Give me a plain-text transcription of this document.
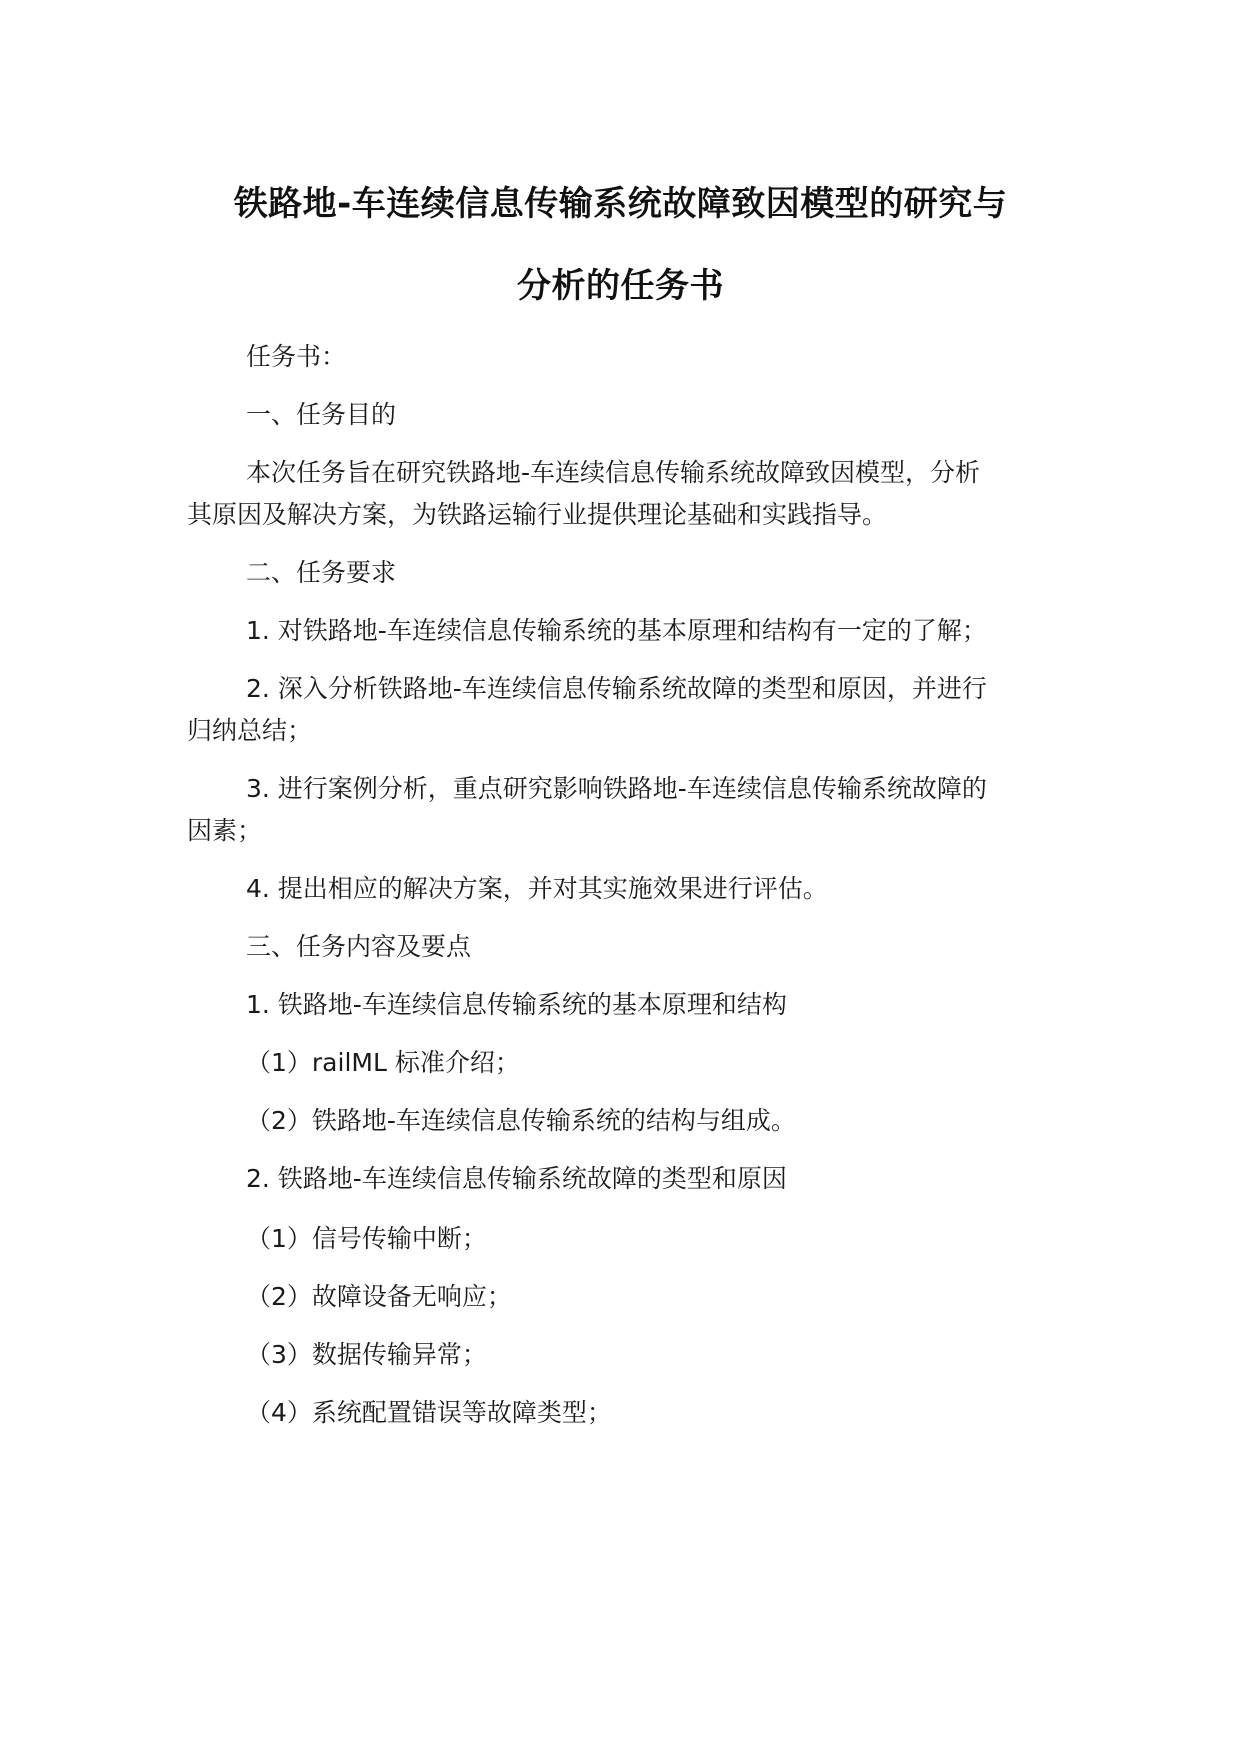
铁路地-车连续信息传输系统故障致因模型的研究与
分析的任务书
任务书：
一、任务目的
本次任务旨在研究铁路地-车连续信息传输系统故障致因模型，分析
其原因及解决方案，为铁路运输行业提供理论基础和实践指导。
二、任务要求
1. 对铁路地-车连续信息传输系统的基本原理和结构有一定的了解；
2. 深入分析铁路地-车连续信息传输系统故障的类型和原因，并进行
归纳总结；
3. 进行案例分析，重点研究影响铁路地-车连续信息传输系统故障的
因素；
4. 提出相应的解决方案，并对其实施效果进行评估。
三、任务内容及要点
1. 铁路地-车连续信息传输系统的基本原理和结构
（1）railML 标准介绍；
（2）铁路地-车连续信息传输系统的结构与组成。
2. 铁路地-车连续信息传输系统故障的类型和原因
（1）信号传输中断；
（2）故障设备无响应；
（3）数据传输异常；
（4）系统配置错误等故障类型；
